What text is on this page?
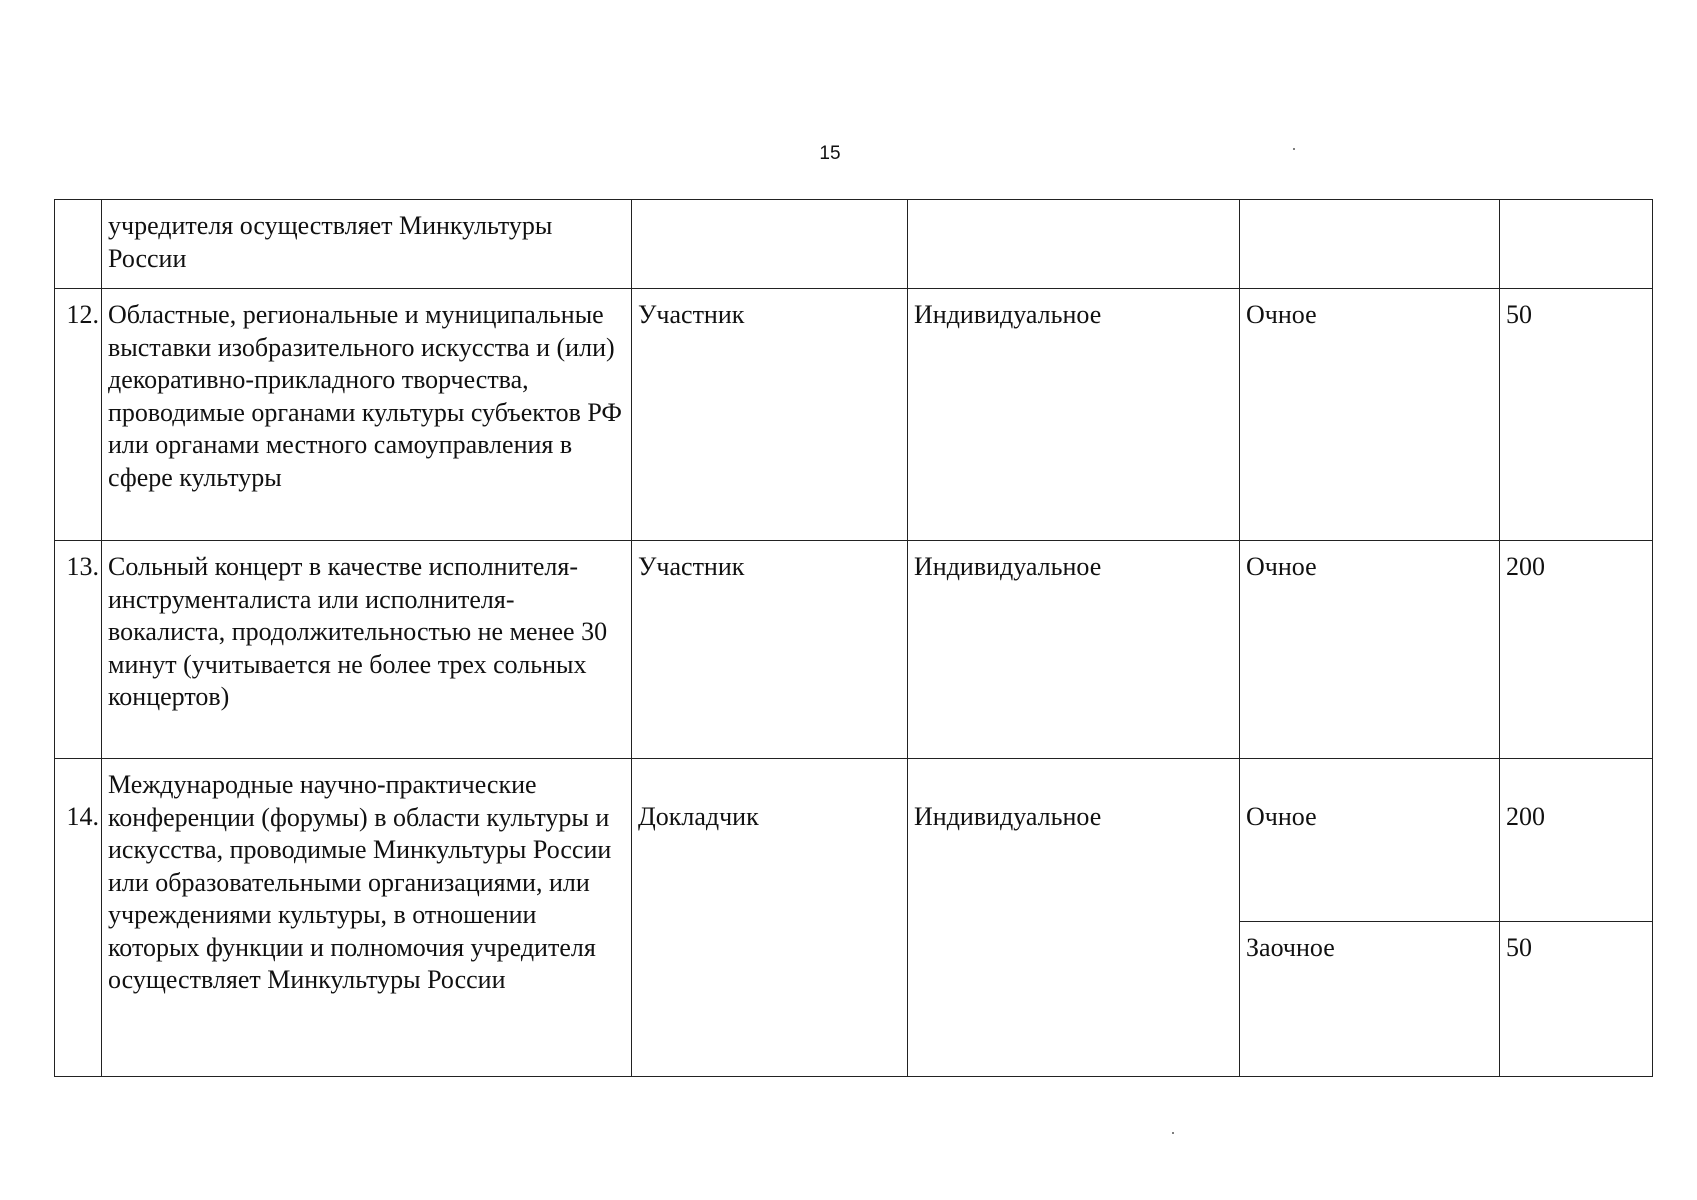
15
	учредителя осуществляет Минкультуры России				
12.	Областные, региональные и муниципальные выставки изобразительного искусства и (или) декоративно-прикладного творчества, проводимые органами культуры субъектов РФ или органами местного самоуправления в сфере культуры	Участник	Индивидуальное	Очное	50
13.	Сольный концерт в качестве исполнителя-инструменталиста или исполнителя-вокалиста, продолжительностью не менее 30 минут (учитывается не более трех сольных концертов)	Участник	Индивидуальное	Очное	200
14.	Международные научно-практические конференции (форумы) в области культуры и искусства, проводимые Минкультуры России или образовательными организациями, или учреждениями культуры, в отношении которых функции и полномочия учредителя осуществляет Минкультуры России	Докладчик	Индивидуальное	Очное	200
				Заочное	50
